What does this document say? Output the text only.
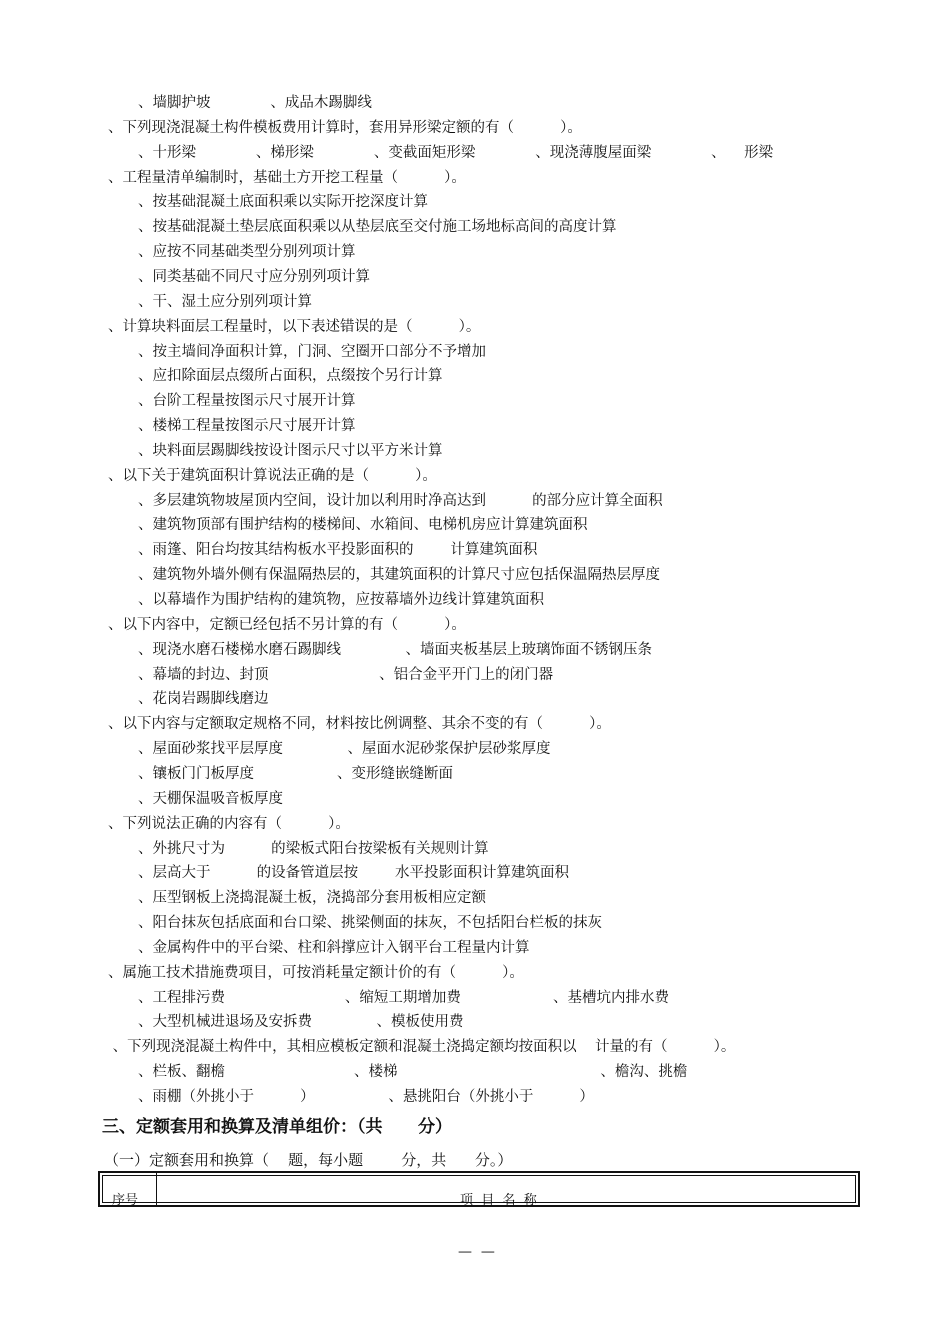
、墙脚护坡             、成品木踢脚线
、下列现浇混凝土构件模板费用计算时，套用异形梁定额的有（          ）。
、十形梁             、梯形梁             、变截面矩形梁             、现浇薄腹屋面梁             、    形梁
、工程量清单编制时，基础土方开挖工程量（          ）。
、按基础混凝土底面积乘以实际开挖深度计算
、按基础混凝土垫层底面积乘以从垫层底至交付施工场地标高间的高度计算
、应按不同基础类型分别列项计算
、同类基础不同尺寸应分别列项计算
、干、湿土应分别列项计算
、计算块料面层工程量时，以下表述错误的是（          ）。
、按主墙间净面积计算，门洞、空圈开口部分不予增加
、应扣除面层点缀所占面积，点缀按个另行计算
、台阶工程量按图示尺寸展开计算
、楼梯工程量按图示尺寸展开计算
、块料面层踢脚线按设计图示尺寸以平方米计算
、以下关于建筑面积计算说法正确的是（          ）。
、多层建筑物坡屋顶内空间，设计加以利用时净高达到          的部分应计算全面积
、建筑物顶部有围护结构的楼梯间、水箱间、电梯机房应计算建筑面积
、雨篷、阳台均按其结构板水平投影面积的        计算建筑面积
、建筑物外墙外侧有保温隔热层的，其建筑面积的计算尺寸应包括保温隔热层厚度
、以幕墙作为围护结构的建筑物，应按幕墙外边线计算建筑面积
、以下内容中，定额已经包括不另计算的有（          ）。
、现浇水磨石楼梯水磨石踢脚线              、墙面夹板基层上玻璃饰面不锈钢压条
、幕墙的封边、封顶                        、铝合金平开门上的闭门器
、花岗岩踢脚线磨边
、以下内容与定额取定规格不同，材料按比例调整、其余不变的有（          ）。
、屋面砂浆找平层厚度              、屋面水泥砂浆保护层砂浆厚度
、镶板门门板厚度                  、变形缝嵌缝断面
、天棚保温吸音板厚度
、下列说法正确的内容有（          ）。
、外挑尺寸为          的梁板式阳台按梁板有关规则计算
、层高大于          的设备管道层按        水平投影面积计算建筑面积
、压型钢板上浇捣混凝土板，浇捣部分套用板相应定额
、阳台抹灰包括底面和台口梁、挑梁侧面的抹灰，不包括阳台栏板的抹灰
、金属构件中的平台梁、柱和斜撑应计入钢平台工程量内计算
、属施工技术措施费项目，可按消耗量定额计价的有（          ）。
、工程排污费                          、缩短工期增加费                    、基槽坑内排水费
、大型机械进退场及安拆费              、模板使用费
、下列现浇混凝土构件中，其相应模板定额和混凝土浇捣定额均按面积以    计量的有（          ）。
、栏板、翻檐                            、楼梯                                            、檐沟、挑檐
、雨棚（外挑小于          ）                、悬挑阳台（外挑小于          ）
三、定额套用和换算及清单组价：（共      分）
（一）定额套用和换算（    题，每小题        分，共      分。）
序号	项  目  名  称
—  —
